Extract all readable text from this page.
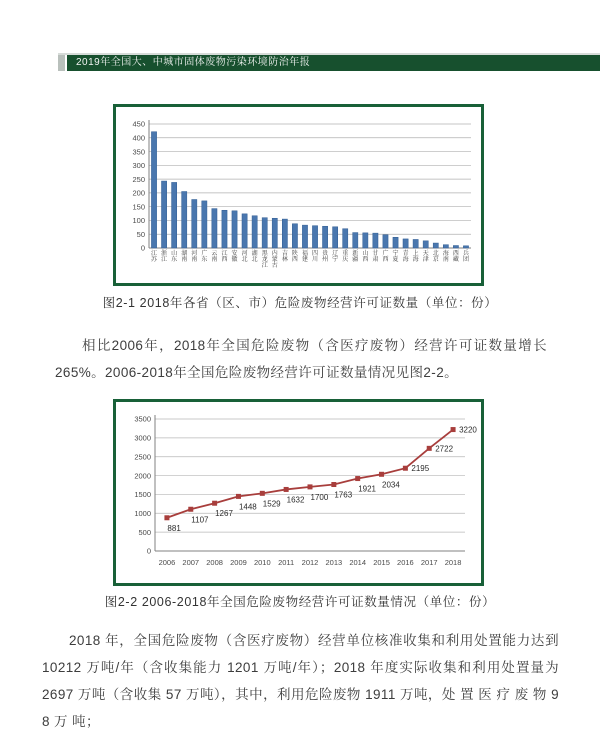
2019年全国大、中城市固体废物污染环境防治年报
0
50
100
150
200
250
300
350
400
450
江苏
浙江
山东
湖南
河南
广东
云南
江西
安徽
河北
湖北
黑龙江
内蒙古
吉林
陕西
福建
四川
贵州
辽宁
重庆
新疆
山西
甘肃
广西
宁夏
青海
上海
天津
北京
海南
西藏
兵团
图2-1 2018年各省（区、市）危险废物经营许可证数量（单位：份）

相比2006年，2018年全国危险废物（含医疗废物）经营许可证数量增长265%。2006-2018年全国危险废物经营许可证数量情况见图2-2。

0
500
1000
1500
2000
2500
3000
3500
881
1107
1267
1448 1529 1632 1700 1763
1921 2034
2195
2722
3220
2006 2007 2008 2009 2010 2011 2012 2013 2014 2015 2016 2017 2018
图2-2 2006-2018年全国危险废物经营许可证数量情况（单位：份）

2018 年，全国危险废物（含医疗废物）经营单位核准收集和利用处置能力达到 10212 万吨/年（含收集能力 1201 万吨/年）；2018 年度实际收集和利用处置量为 2697 万吨（含收集 57 万吨），其中，利用危险废物 1911 万吨，处 置 医 疗 废 物 9 8 万 吨；
